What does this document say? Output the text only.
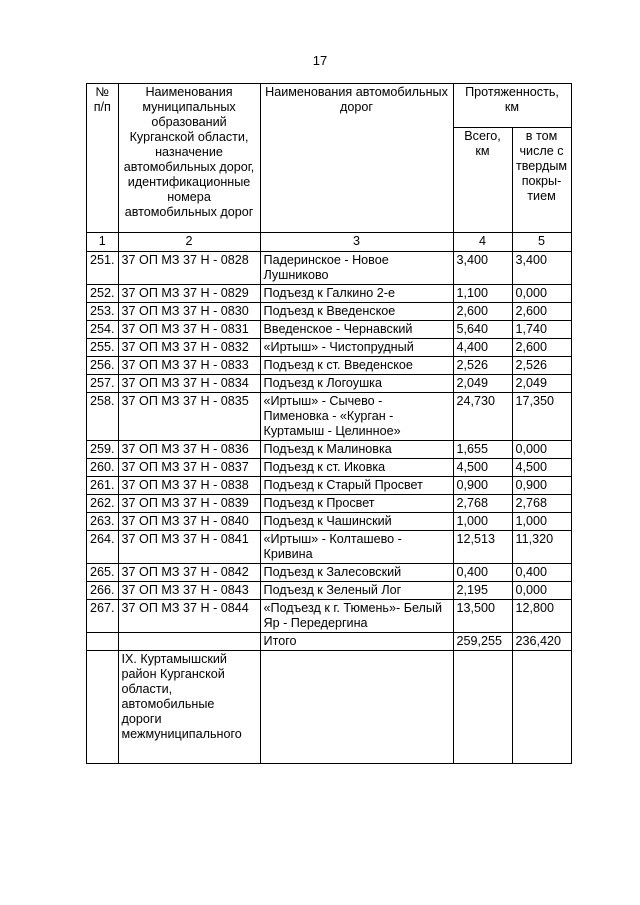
17
№ п/п	Наименования муниципальных образований Курганской области, назначение автомобильных дорог, идентификационные номера автомобильных дорог	Наименования автомобильных дорог	Протяженность, км	
			Всего, км	в том числе с твердым покры-тием
1	2	3	4	5
251.	37 ОП МЗ 37 Н - 0828	Падеринское - Новое Лушниково	3,400	3,400
252.	37 ОП МЗ 37 Н - 0829	Подъезд к Галкино 2-е	1,100	0,000
253.	37 ОП МЗ 37 Н - 0830	Подъезд к Введенское	2,600	2,600
254.	37 ОП МЗ 37 Н - 0831	Введенское - Чернавский	5,640	1,740
255.	37 ОП МЗ 37 Н - 0832	«Иртыш» - Чистопрудный	4,400	2,600
256.	37 ОП МЗ 37 Н - 0833	Подъезд к ст. Введенское	2,526	2,526
257.	37 ОП МЗ 37 Н - 0834	Подъезд к Логоушка	2,049	2,049
258.	37 ОП МЗ 37 Н - 0835	«Иртыш» - Сычево - Пименовка - «Курган - Куртамыш - Целинное»	24,730	17,350
259.	37 ОП МЗ 37 Н - 0836	Подъезд к Малиновка	1,655	0,000
260.	37 ОП МЗ 37 Н - 0837	Подъезд к ст. Иковка	4,500	4,500
261.	37 ОП МЗ 37 Н - 0838	Подъезд к Старый Просвет	0,900	0,900
262.	37 ОП МЗ 37 Н - 0839	Подъезд к Просвет	2,768	2,768
263.	37 ОП МЗ 37 Н - 0840	Подъезд к Чашинский	1,000	1,000
264.	37 ОП МЗ 37 Н - 0841	«Иртыш» - Колташево - Кривина	12,513	11,320
265.	37 ОП МЗ 37 Н - 0842	Подъезд к Залесовский	0,400	0,400
266.	37 ОП МЗ 37 Н - 0843	Подъезд к Зеленый Лог	2,195	0,000
267.	37 ОП МЗ 37 Н - 0844	«Подъезд к г. Тюмень»- Белый Яр - Передергина	13,500	12,800
		Итого	259,255	236,420
	IX. Куртамышский район Курганской области, автомобильные дороги межмуниципального			
